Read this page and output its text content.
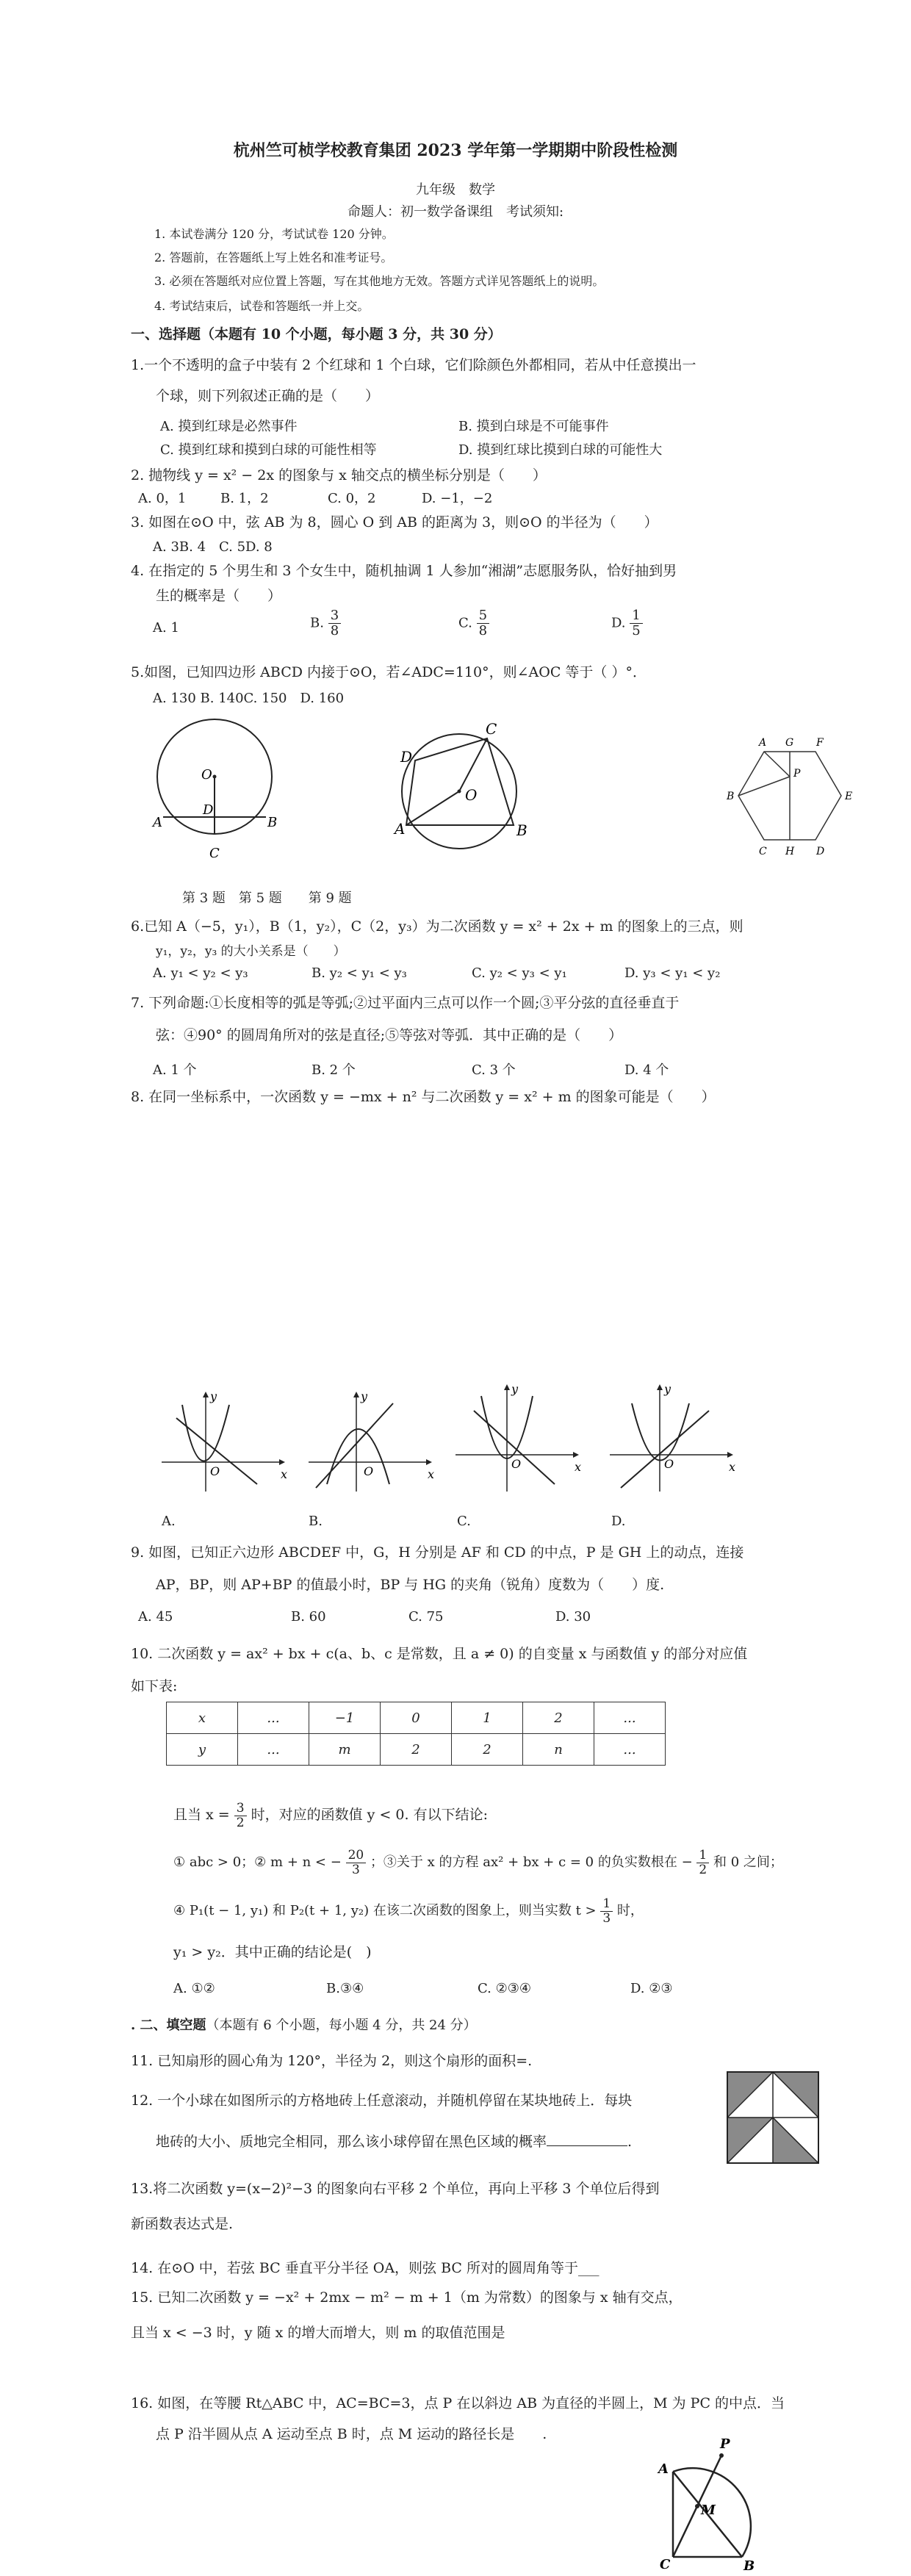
杭州竺可桢学校教育集团 2023 学年第一学期期中阶段性检测
九年级　数学
命题人：初一数学备课组　考试须知:
1. 本试卷满分 120 分，考试试卷 120 分钟。
2. 答题前，在答题纸上写上姓名和准考证号。
3. 必须在答题纸对应位置上答题，写在其他地方无效。答题方式详见答题纸上的说明。
4. 考试结束后，试卷和答题纸一并上交。
一、选择题（本题有 10 个小题，每小题 3 分，共 30 分）
1.一个不透明的盒子中装有 2 个红球和 1 个白球，它们除颜色外都相同，若从中任意摸出一
个球，则下列叙述正确的是（　　）
A. 摸到红球是必然事件	B. 摸到白球是不可能事件
C. 摸到红球和摸到白球的可能性相等	D. 摸到红球比摸到白球的可能性大
2. 抛物线 y = x² − 2x 的图象与 x 轴交点的横坐标分别是（　　）
A. 0，1	B. 1，2	C. 0，2	D. −1，−2
3. 如图在⊙O 中，弦 AB 为 8，圆心 O 到 AB 的距离为 3，则⊙O 的半径为（　　）
A. 3B. 4　C. 5D. 8
4. 在指定的 5 个男生和 3 个女生中，随机抽调 1 人参加“湘湖”志愿服务队，恰好抽到男
生的概率是（　　）
A. 1	B. $\frac{3}{8}$	C. $\frac{5}{8}$	D. $\frac{1}{5}$
5.如图，已知四边形 ABCD 内接于⊙O，若∠ADC=110°，则∠AOC 等于（ ）°．
A. 130 B. 140C. 150　D. 160
O
D
A	B
C
O
A	B
C
D
A G F
B
P
E
C H D
第 3 题　第 5 题　　第 9 题
6.已知 A（−5，y₁），B（1，y₂），C（2，y₃）为二次函数 y = x² + 2x + m 的图象上的三点，则
y₁，y₂，y₃ 的大小关系是（　　）
A. y₁ < y₂ < y₃	B. y₂ < y₁ < y₃	C. y₂ < y₃ < y₁	D. y₃ < y₁ < y₂
7. 下列命题:①长度相等的弧是等弧;②过平面内三点可以作一个圆;③平分弦的直径垂直于
弦：④90° 的圆周角所对的弦是直径;⑤等弦对等弧．其中正确的是（　　）
A. 1 个	B. 2 个	C. 3 个	D. 4 个
8. 在同一坐标系中，一次函数 y = −mx + n² 与二次函数 y = x² + m 的图象可能是（　　）
y
x
O
y
x
O
y
x
O
y
x
O
A.	B.	C.	D.
9. 如图，已知正六边形 ABCDEF 中，G，H 分别是 AF 和 CD 的中点，P 是 GH 上的动点，连接
AP，BP，则 AP+BP 的值最小时，BP 与 HG 的夹角（锐角）度数为（　　）度.
A. 45	B. 60	C. 75	D. 30
10. 二次函数 y = ax² + bx + c(a、b、c 是常数，且 a ≠ 0) 的自变量 x 与函数值 y 的部分对应值
如下表:
x	...	−1	0	1	2	...
y	...	m	2	2	n	...
且当 $x = \frac{3}{2}$ 时，对应的函数值 y < 0. 有以下结论:
① abc > 0；② m + n < − $\frac{20}{3}$ ；③关于 x 的方程 ax² + bx + c = 0 的负实数根在 − $\frac{1}{2}$ 和 0 之间；
④ P₁(t − 1, y₁) 和 P₂(t + 1, y₂) 在该二次函数的图象上，则当实数 $t > \frac{1}{3}$ 时，
y₁ > y₂．其中正确的结论是(　)
A. ①②	B.③④	C. ②③④	D. ②③
. 二、填空题（本题有 6 个小题，每小题 4 分，共 24 分）
11. 已知扇形的圆心角为 120°，半径为 2，则这个扇形的面积=.
12. 一个小球在如图所示的方格地砖上任意滚动，并随机停留在某块地砖上．每块
地砖的大小、质地完全相同，那么该小球停留在黑色区域的概率	.
13.将二次函数 y=(x−2)²−3 的图象向右平移 2 个单位，再向上平移 3 个单位后得到
新函数表达式是.
14. 在⊙O 中，若弦 BC 垂直平分半径 OA，则弦 BC 所对的圆周角等于___
15. 已知二次函数 y = −x² + 2mx − m² − m + 1（m 为常数）的图象与 x 轴有交点，
且当 x < −3 时，y 随 x 的增大而增大，则 m 的取值范围是
16. 如图，在等腰 Rt△ABC 中，AC=BC=3，点 P 在以斜边 AB 为直径的半圆上，M 为 PC 的中点．当
点 P 沿半圆从点 A 运动至点 B 时，点 M 运动的路径长是　　.
A
P
M
C	B
